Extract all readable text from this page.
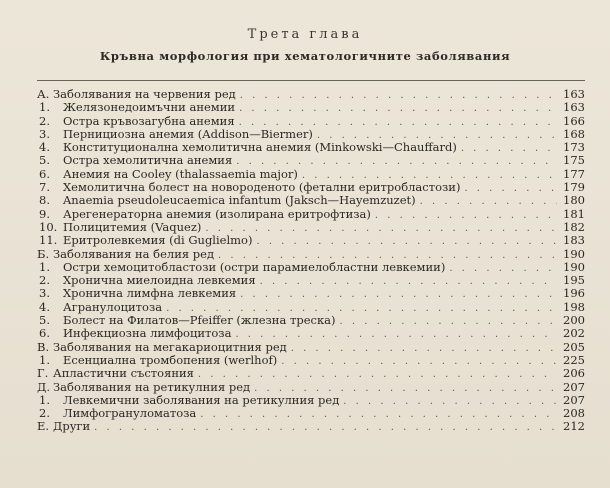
Трета глава
Кръвна морфология при хематологичните заболявания
А. Заболявания на червения ред . . .	163
1.	Желязонедоимъчни анемии . . .	163
2.	Остра кръвозагубна анемия . . .	166
3.	Пернициозна анемия (Addison—Biermer) . . .	168
4.	Конституционална хемолитична анемия (Minkowski—Chauffard) . . .	173
5.	Остра хемолитична анемия . . .	175
6.	Анемия на Cooley (thalassaemia major) . . .	177
7.	Хемолитична болест на новороденото (фетални еритробластози) . . .	179
8.	Anaemia pseudoleucaemica infantum (Jaksch—Hayemzuzet) . . .	180
9.	Арегенераторна анемия (изолирана еритрофтиза) . . .	181
10. Полицитемия (Vaquez) . . .	182
11. Еритролевкемия (di Guglielmo) . . .	183
Б. Заболявания на белия ред . . .	190
1.	Остри хемоцитобластози (остри парамиелобластни левкемии) . . .	190
2.	Хронична миелоидна левкемия . . .	195
3.	Хронична лимфна левкемия . . .	196
4.	Агранулоцитоза . . .	198
5.	Болест на Филатов—Pfeiffer (жлезна треска) . . .	200
6.	Инфекциозна лимфоцитоза . . .	202
В. Заболявания на мегакариоцитния ред . . .	205
1.	Есенциална тромбопения (werlhof) . . .	225
Г. Апластични състояния . . .	206
Д. Заболявания на ретикулния ред . . .	207
1.	Левкемични заболявания на ретикулния ред . . .	207
2.	Лимфогрануломатоза . . .	208
Е. Други . . .	212
